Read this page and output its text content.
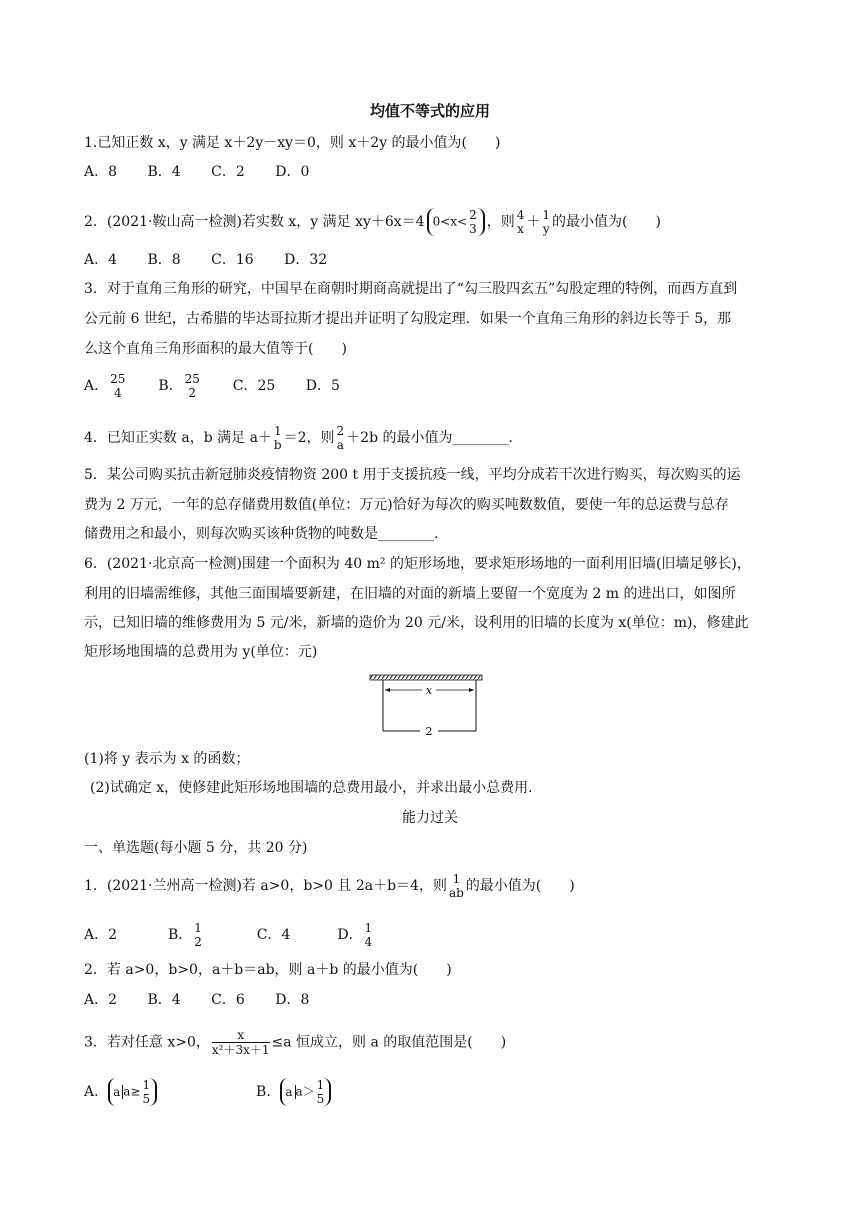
均值不等式的应用
1.已知正数 x，y 满足 x＋2y－xy＝0，则 x＋2y 的最小值为(　　)
A．8 B．4 C．2 D．0
2．(2021·鞍山高一检测)若实数 x，y 满足 xy＋6x＝4 0<x< 2
3 ，则 4
x ＋ 1
y 的最小值为(　　)
A．4 B．8 C．16 D．32
3．对于直角三角形的研究，中国早在商朝时期商高就提出了“勾三股四玄五”勾股定理的特例，而西方直到
公元前 6 世纪，古希腊的毕达哥拉斯才提出并证明了勾股定理．如果一个直角三角形的斜边长等于 5，那
么这个直角三角形面积的最大值等于(　　)
A． 25
4	B． 25
2	C．25 D．5
4．已知正实数 a，b 满足 a＋ 1
b ＝2，则 2
a ＋2b 的最小值为________.
5．某公司购买抗击新冠肺炎疫情物资 200 t 用于支援抗疫一线，平均分成若干次进行购买，每次购买的运
费为 2 万元，一年的总存储费用数值(单位：万元)恰好为每次的购买吨数数值，要使一年的总运费与总存
储费用之和最小，则每次购买该种货物的吨数是________.
6．(2021·北京高一检测)围建一个面积为 40 m² 的矩形场地，要求矩形场地的一面利用旧墙(旧墙足够长)，
利用的旧墙需维修，其他三面围墙要新建，在旧墙的对面的新墙上要留一个宽度为 2 m 的进出口，如图所
示，已知旧墙的维修费用为 5 元/米，新墙的造价为 20 元/米，设利用的旧墙的长度为 x(单位：m)，修建此
矩形场地围墙的总费用为 y(单位：元)
x
2
(1)将 y 表示为 x 的函数；
(2)试确定 x，使修建此矩形场地围墙的总费用最小，并求出最小总费用．
能力过关
一、单选题(每小题 5 分，共 20 分)
1．(2021·兰州高一检测)若 a>0，b>0 且 2a＋b＝4，则 1
ab 的最小值为(　　)
A．2	B． 1
2	C．4	D． 1
4
2．若 a>0，b>0，a＋b＝ab，则 a＋b 的最小值为(　　)
A．2 B．4 C．6 D．8
3．若对任意 x>0， $\frac{x}{\text{x²＋3x＋1}} \le a$ 恒成立，则 a 的取值范围是(　　)
A． a a≥ 1
5	B． a a＞ 1
5
